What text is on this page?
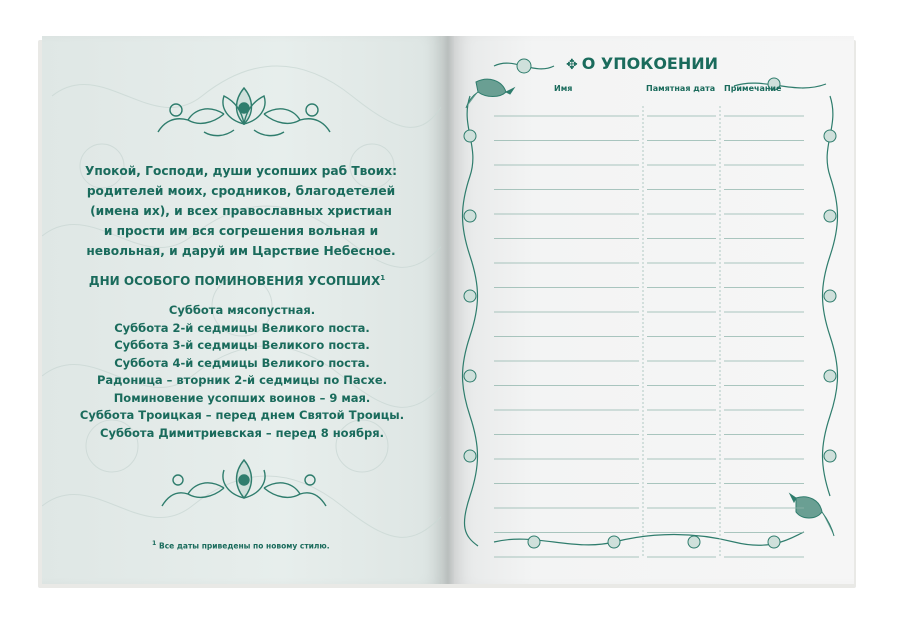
Упокой, Господи, души усопших раб Твоих:
родителей моих, сродников, благодетелей
(имена их), и всех православных христиан
и прости им вся согрешения вольная и
невольная, и даруй им Царствие Небесное.
ДНИ ОСОБОГО ПОМИНОВЕНИЯ УСОПШИХ$^1$
Суббота мясопустная.
Суббота 2-й седмицы Великого поста.
Суббота 3-й седмицы Великого поста.
Суббота 4-й седмицы Великого поста.
Радоница – вторник 2-й седмицы по Пасхе.
Поминовение усопших воинов – 9 мая.
Суббота Троицкая – перед днем Святой Троицы.
Суббота Димитриевская – перед 8 ноября.
$^1$ Все даты приведены по новому стилю.
✥ О УПОКОЕНИИ
Имя	Памятная дата Примечание
